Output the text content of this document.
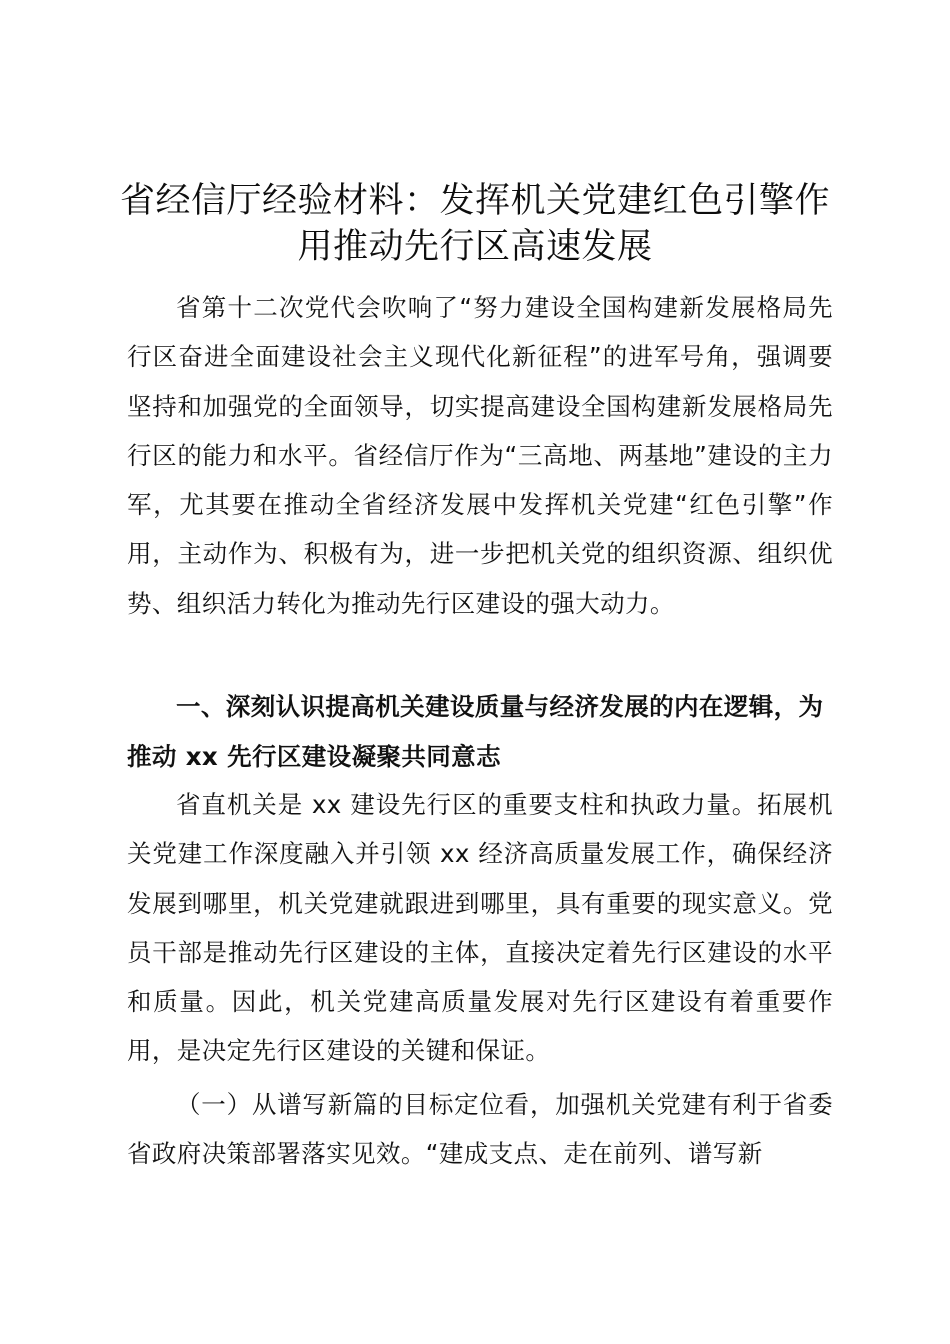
省经信厅经验材料：发挥机关党建红色引擎作
用推动先行区高速发展

省第十二次党代会吹响了“努力建设全国构建新发展格局先行区奋进全面建设社会主义现代化新征程”的进军号角，强调要坚持和加强党的全面领导，切实提高建设全国构建新发展格局先行区的能力和水平。省经信厅作为“三高地、两基地”建设的主力军，尤其要在推动全省经济发展中发挥机关党建“红色引擎”作用，主动作为、积极有为，进一步把机关党的组织资源、组织优势、组织活力转化为推动先行区建设的强大动力。

一、深刻认识提高机关建设质量与经济发展的内在逻辑，为推动 xx 先行区建设凝聚共同意志

省直机关是 xx 建设先行区的重要支柱和执政力量。拓展机关党建工作深度融入并引领 xx 经济高质量发展工作，确保经济发展到哪里，机关党建就跟进到哪里，具有重要的现实意义。党员干部是推动先行区建设的主体，直接决定着先行区建设的水平和质量。因此，机关党建高质量发展对先行区建设有着重要作用，是决定先行区建设的关键和保证。

（一）从谱写新篇的目标定位看，加强机关党建有利于省委省政府决策部署落实见效。“建成支点、走在前列、谱写新
